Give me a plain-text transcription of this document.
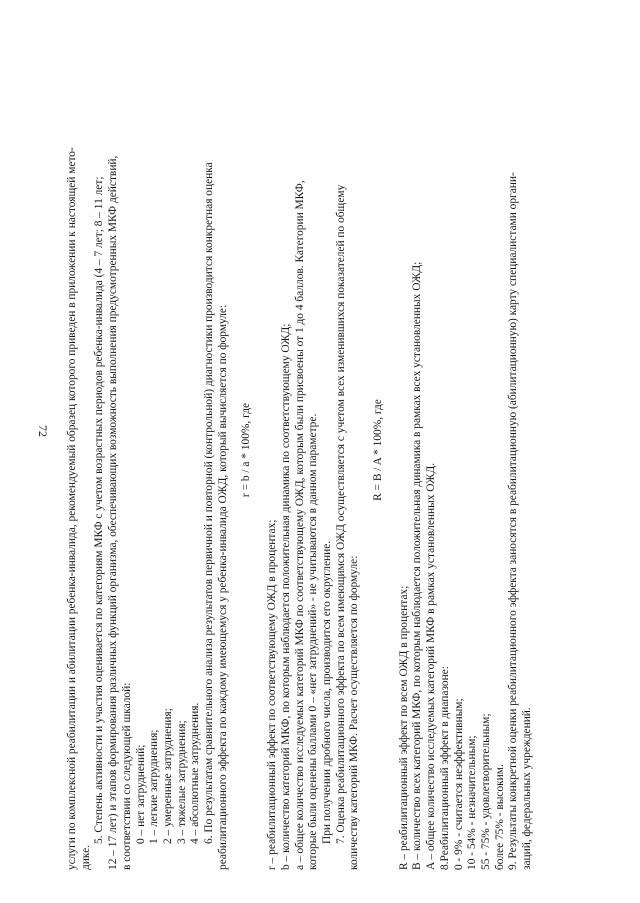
72 услуги по комплексной реабилитации и абилитации ребенка-инвалида, рекомендуемый образец которого приведен в приложении к настоящей мето- дике.
5. Степень активности и участия оценивается по категориям МКФ с учетом возрастных периодов ребенка-инвалида (4 – 7 лет; 8 – 11 лет; 12 – 17 лет) и этапов формирования различных функций организма, обеспечивающих возможность выполнения предусмотренных МКФ действий, в соответствии со следующей шкалой: 0 – нет затруднений; 1 – легкие затруднения; 2 – умеренные затруднения; 3 – тяжелые затруднения; 4 – абсолютные затруднения. 6. По результатам сравнительного анализа результатов первичной и повторной (контрольной) диагностики производится конкретная оценка реабилитационного эффекта по каждому имеющемуся у ребенка-инвалида ОЖД, который вычисляется по формуле:	r = b / a * 100%, где
r – реабилитационный эффект по соответствующему ОЖД в процентах; b – количество категорий МКФ, по которым наблюдается положительная динамика по соответствующему ОЖД; a – общее количество исследуемых категорий МКФ по соответствующему ОЖД, которым были присвоены от 1 до 4 баллов. Категории МКФ, которые были оценены баллами 0 – «нет затруднений» - не учитываются в данном параметре. При получении дробного числа, производится его округление. 7. Оценка реабилитационного эффекта по всем имеющимся ОЖД осуществляется с учетом всех изменившихся показателей по общему количеству категорий МКФ. Расчет осуществляется по формуле:
R = B / A * 100%, где
R – реабилитационный эффект по всем ОЖД в процентах; B – количество всех категорий МКФ, по которым наблюдается положительная динамика в рамках всех установленных ОЖД; A – общее количество исследуемых категорий МКФ в рамках установленных ОЖД. 8.Реабилитационный эффект в диапазоне: 0 - 9% - считается неэффективным; 10 - 54% - незначительным; 55 - 75% - удовлетворительным; более 75% - высоким. 9. Результаты конкретной оценки реабилитационного эффекта заносятся в реабилитационную (абилитационную) карту специалистами органи- заций, федеральных учреждений.
